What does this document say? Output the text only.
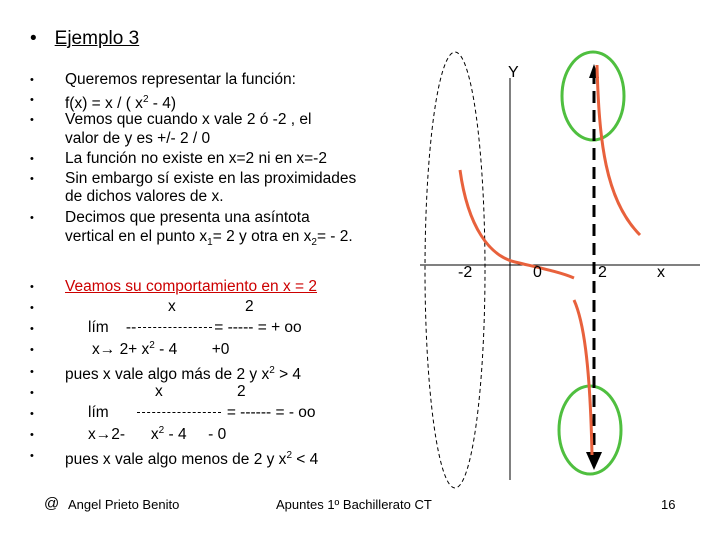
• Ejemplo 3
•
•
•
•
•
•
Queremos representar la función:
f(x) = x / ( $x^2 - 4$)
Vemos que cuando x vale 2 ó -2 , el
valor de y es +/- 2 / 0
La función no existe en x=2 ni en x=-2
Sin embargo sí existe en las proximidades
de dichos valores de x.
Decimos que presenta una asíntota
vertical en el punto $x_1= 2$ y otra en $x_2= - 2$.
•
•
•
•
•
•
•
•
•
Veamos su comportamiento en x = 2
x	2
lím --	= ----- = + oo
$x\to 2+ x^2 - 4 +0$
pues x vale algo más de 2 y $x^2 > 4$
x	2
lím	= ------ = - oo
x→2- $x^2 - 4 - 0$
pues x vale algo menos de 2 y $x^2 < 4$
Y
-2	0	2	x
@ Angel Prieto Benito	Apuntes 1º Bachillerato CT	16
